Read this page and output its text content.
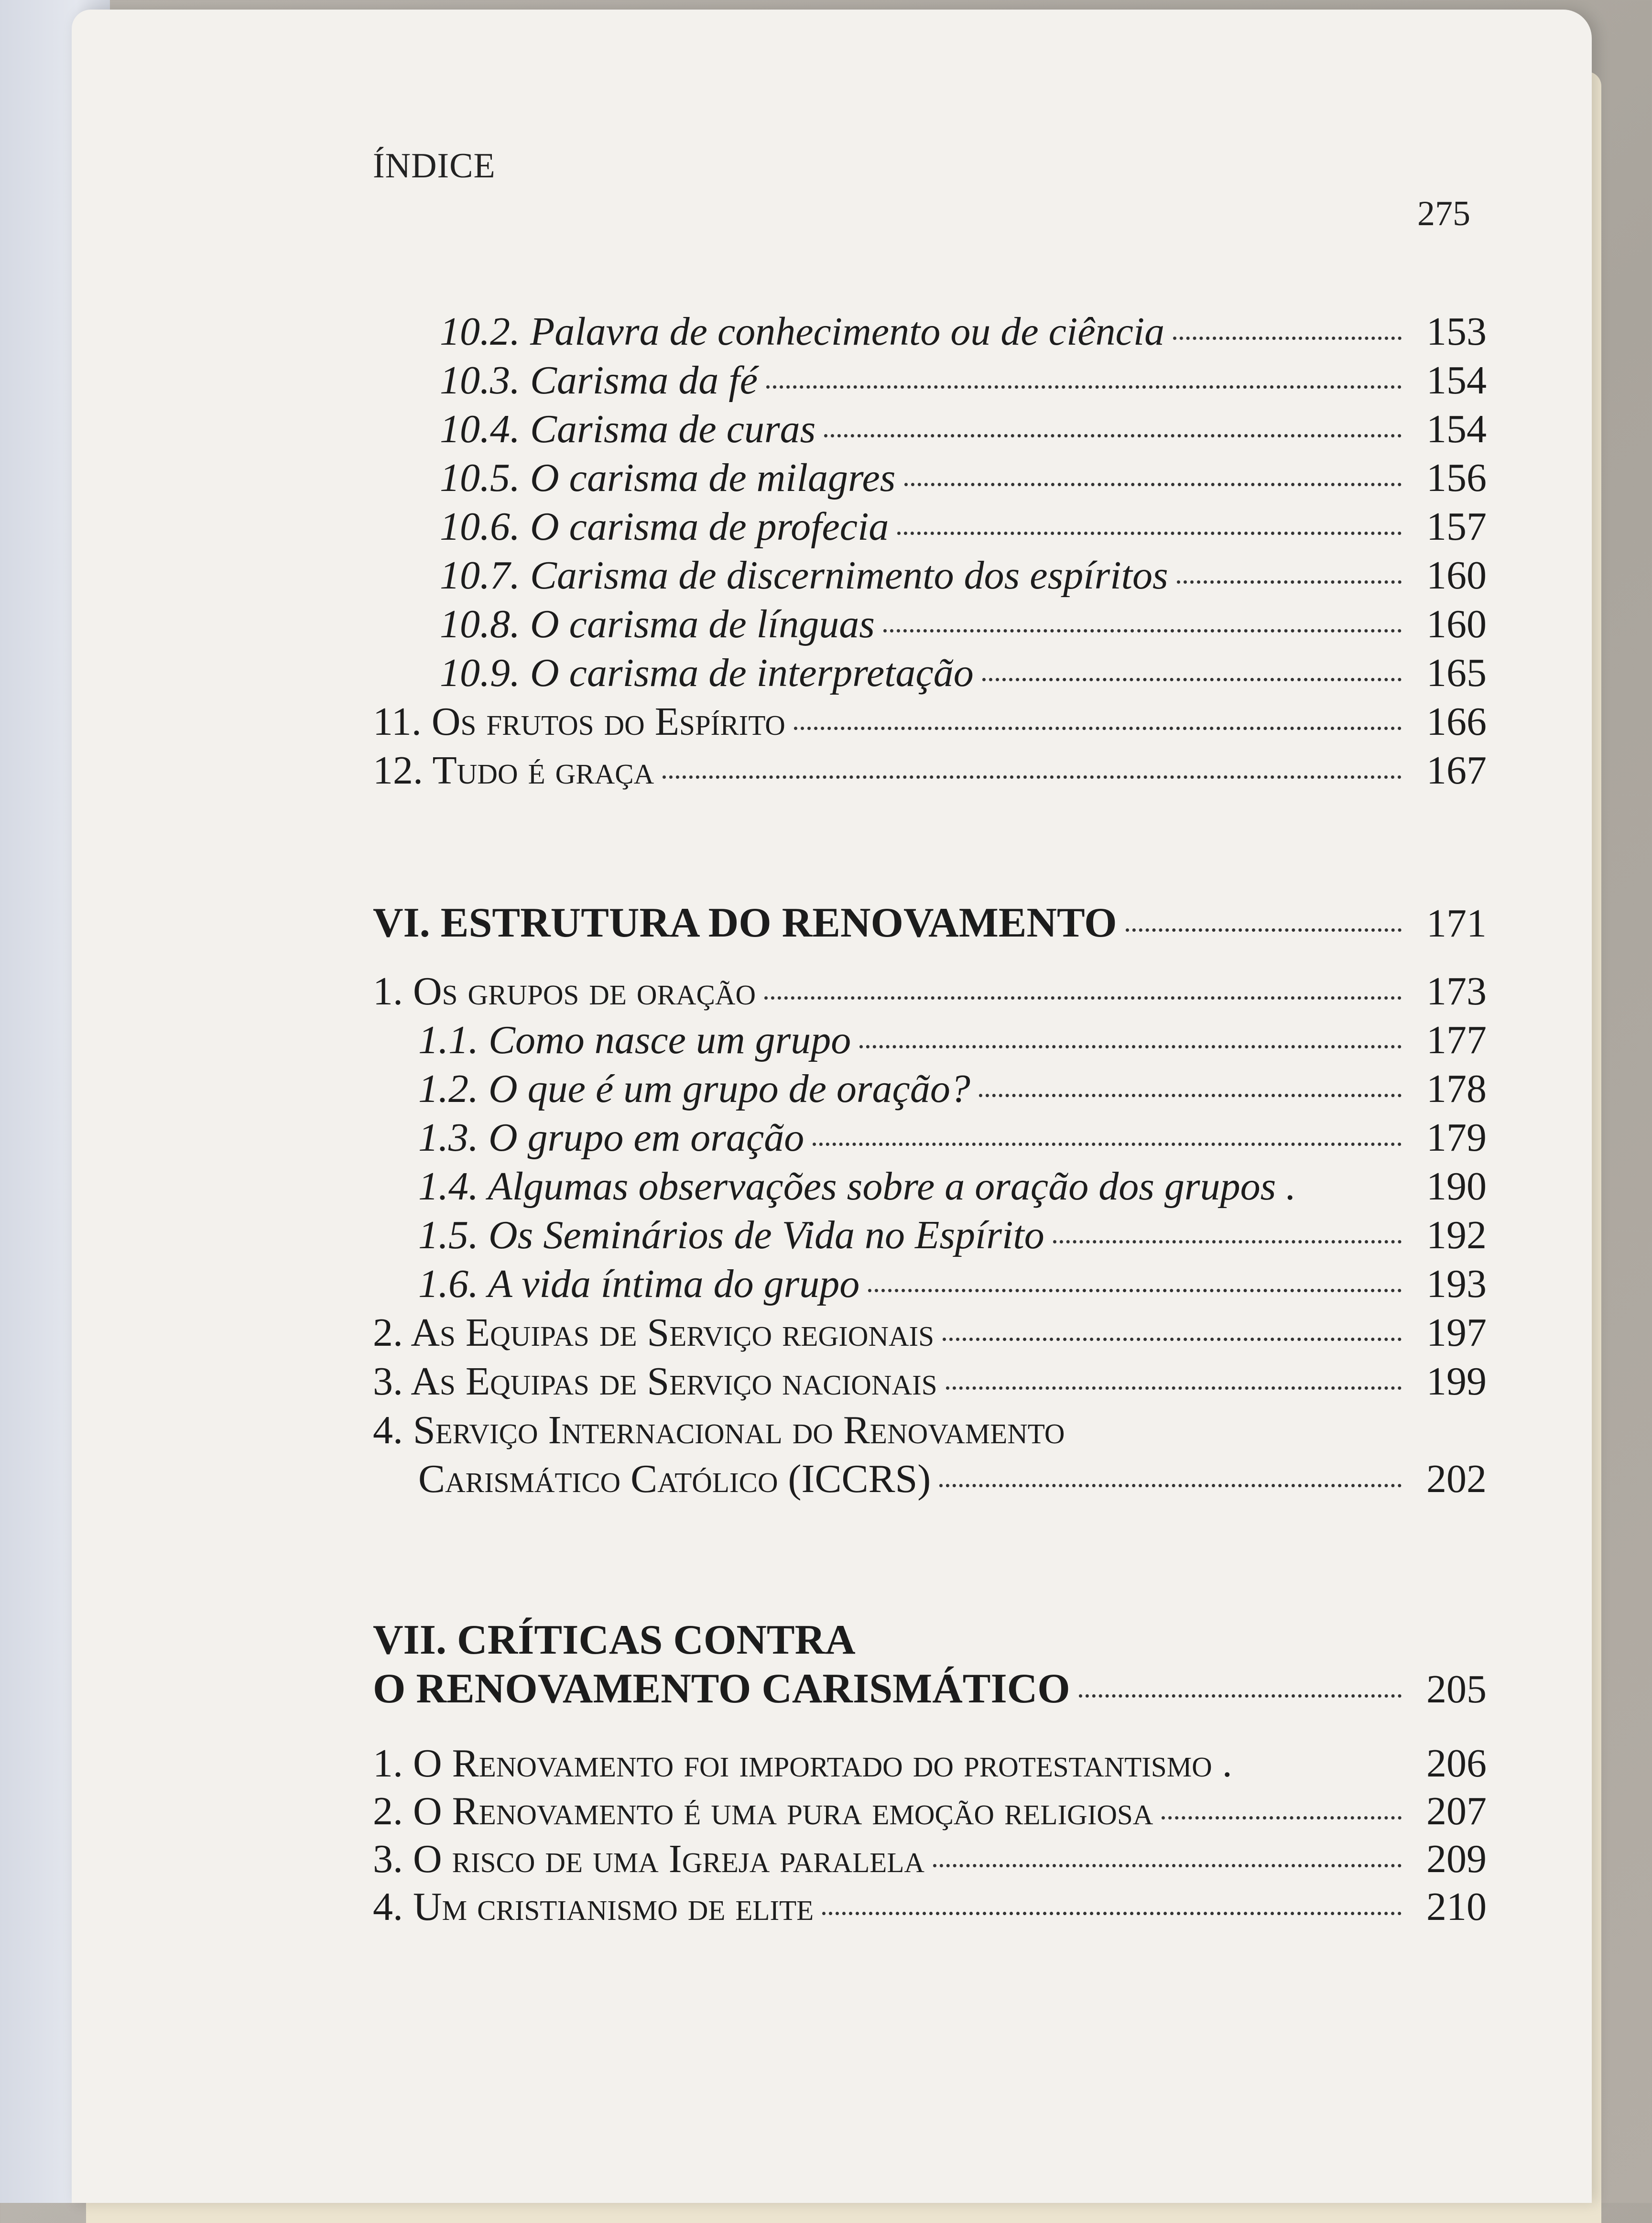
ÍNDICE
275
10.2. Palavra de conhecimento ou de ciência	153
10.3. Carisma da fé	154
10.4. Carisma de curas	154
10.5. O carisma de milagres	156
10.6. O carisma de profecia	157
10.7. Carisma de discernimento dos espíritos	160
10.8. O carisma de línguas	160
10.9. O carisma de interpretação	165
11. Os frutos do Espírito	166
12. Tudo é graça	167
VI. ESTRUTURA DO RENOVAMENTO	171
1. Os grupos de oração	173
1.1. Como nasce um grupo	177
1.2. O que é um grupo de oração?	178
1.3. O grupo em oração	179
1.4. Algumas observações sobre a oração dos grupos .	190
1.5. Os Seminários de Vida no Espírito	192
1.6. A vida íntima do grupo	193
2. As Equipas de Serviço regionais	197
3. As Equipas de Serviço nacionais	199
4. Serviço Internacional do Renovamento
Carismático Católico (ICCRS)	202
VII. CRÍTICAS CONTRA
O RENOVAMENTO CARISMÁTICO	205
1. O Renovamento foi importado do protestantismo .	206
2. O Renovamento é uma pura emoção religiosa	207
3. O risco de uma Igreja paralela	209
4. Um cristianismo de elite	210
